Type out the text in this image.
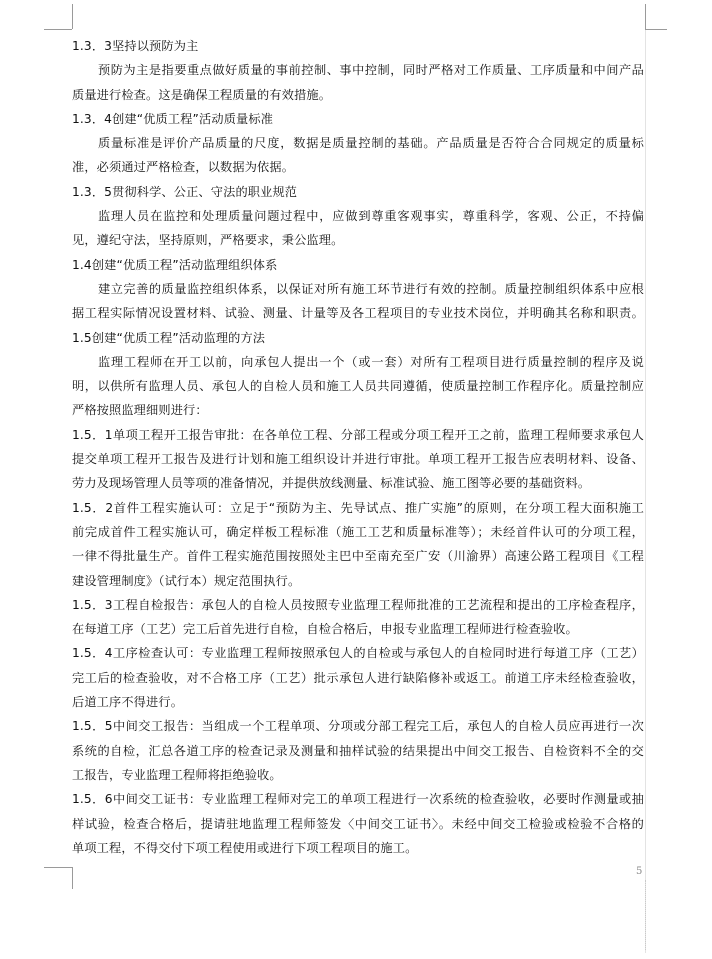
1.3．3坚持以预防为主
预防为主是指要重点做好质量的事前控制、事中控制，同时严格对工作质量、工序质量和中间产品
质量进行检查。这是确保工程质量的有效措施。
1.3．4创建“优质工程”活动质量标准
质量标准是评价产品质量的尺度，数据是质量控制的基础。产品质量是否符合合同规定的质量标
准，必须通过严格检查，以数据为依据。
1.3．5贯彻科学、公正、守法的职业规范
监理人员在监控和处理质量问题过程中，应做到尊重客观事实，尊重科学，客观、公正，不持偏
见，遵纪守法，坚持原则，严格要求，秉公监理。
1.4创建“优质工程”活动监理组织体系
建立完善的质量监控组织体系，以保证对所有施工环节进行有效的控制。质量控制组织体系中应根
据工程实际情况设置材料、试验、测量、计量等及各工程项目的专业技术岗位，并明确其名称和职责。
1.5创建“优质工程”活动监理的方法
监理工程师在开工以前，向承包人提出一个（或一套）对所有工程项目进行质量控制的程序及说
明，以供所有监理人员、承包人的自检人员和施工人员共同遵循，使质量控制工作程序化。质量控制应
严格按照监理细则进行：
1.5．1单项工程开工报告审批：在各单位工程、分部工程或分项工程开工之前，监理工程师要求承包人
提交单项工程开工报告及进行计划和施工组织设计并进行审批。单项工程开工报告应表明材料、设备、
劳力及现场管理人员等项的准备情况，并提供放线测量、标准试验、施工图等必要的基础资料。
1.5．2首件工程实施认可：立足于“预防为主、先导试点、推广实施”的原则，在分项工程大面积施工
前完成首件工程实施认可，确定样板工程标准（施工工艺和质量标准等）；未经首件认可的分项工程，
一律不得批量生产。首件工程实施范围按照处主巴中至南充至广安（川渝界）高速公路工程项目《工程
建设管理制度》（试行本）规定范围执行。
1.5．3工程自检报告：承包人的自检人员按照专业监理工程师批准的工艺流程和提出的工序检查程序，
在每道工序（工艺）完工后首先进行自检，自检合格后，申报专业监理工程师进行检查验收。
1.5．4工序检查认可：专业监理工程师按照承包人的自检或与承包人的自检同时进行每道工序（工艺）
完工后的检查验收，对不合格工序（工艺）批示承包人进行缺陷修补或返工。前道工序未经检查验收，
后道工序不得进行。
1.5．5中间交工报告：当组成一个工程单项、分项或分部工程完工后，承包人的自检人员应再进行一次
系统的自检，汇总各道工序的检查记录及测量和抽样试验的结果提出中间交工报告、自检资料不全的交
工报告，专业监理工程师将拒绝验收。
1.5．6中间交工证书：专业监理工程师对完工的单项工程进行一次系统的检查验收，必要时作测量或抽
样试验，检查合格后，提请驻地监理工程师签发〈中间交工证书〉。未经中间交工检验或检验不合格的
单项工程，不得交付下项工程使用或进行下项工程项目的施工。
5
